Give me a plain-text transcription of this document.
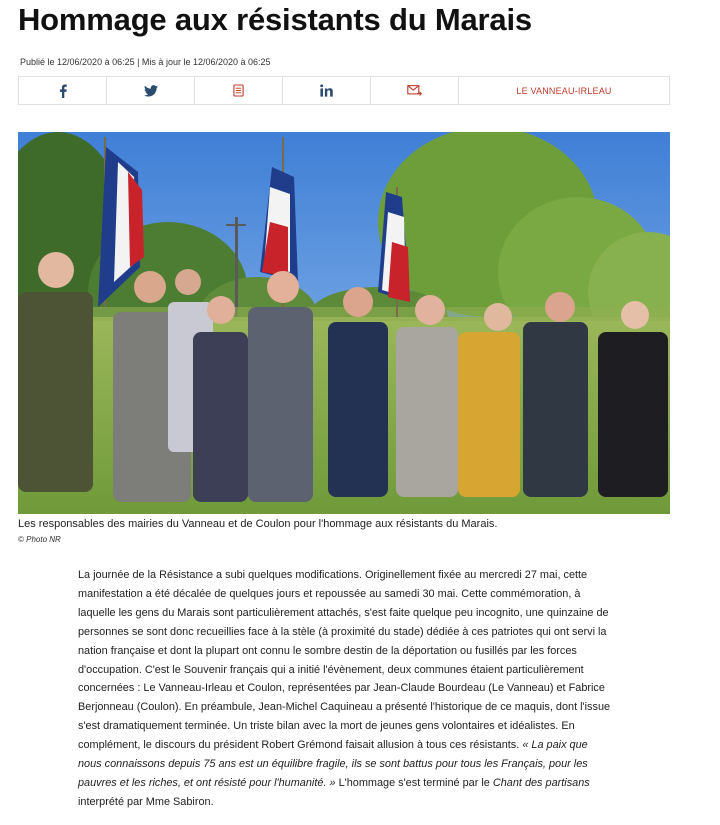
Hommage aux résistants du Marais
Publié le 12/06/2020 à 06:25 | Mis à jour le 12/06/2020 à 06:25
LE VANNEAU-IRLEAU
Les responsables des mairies du Vanneau et de Coulon pour l'hommage aux résistants du Marais.
© Photo NR

La journée de la Résistance a subi quelques modifications. Originellement fixée au mercredi 27 mai, cette manifestation a été décalée de quelques jours et repoussée au samedi 30 mai. Cette commémoration, à laquelle les gens du Marais sont particulièrement attachés, s'est faite quelque peu incognito, une quinzaine de personnes se sont donc recueillies face à la stèle (à proximité du stade) dédiée à ces patriotes qui ont servi la nation française et dont la plupart ont connu le sombre destin de la déportation ou fusillés par les forces d'occupation. C'est le Souvenir français qui a initié l'évènement, deux communes étaient particulièrement concernées : Le Vanneau-Irleau et Coulon, représentées par Jean-Claude Bourdeau (Le Vanneau) et Fabrice Berjonneau (Coulon). En préambule, Jean-Michel Caquineau a présenté l'historique de ce maquis, dont l'issue s'est dramatiquement terminée. Un triste bilan avec la mort de jeunes gens volontaires et idéalistes. En complément, le discours du président Robert Grémond faisait allusion à tous ces résistants. « La paix que nous connaissons depuis 75 ans est un équilibre fragile, ils se sont battus pour tous les Français, pour les pauvres et les riches, et ont résisté pour l'humanité. » L'hommage s'est terminé par le Chant des partisans interprété par Mme Sabiron.
